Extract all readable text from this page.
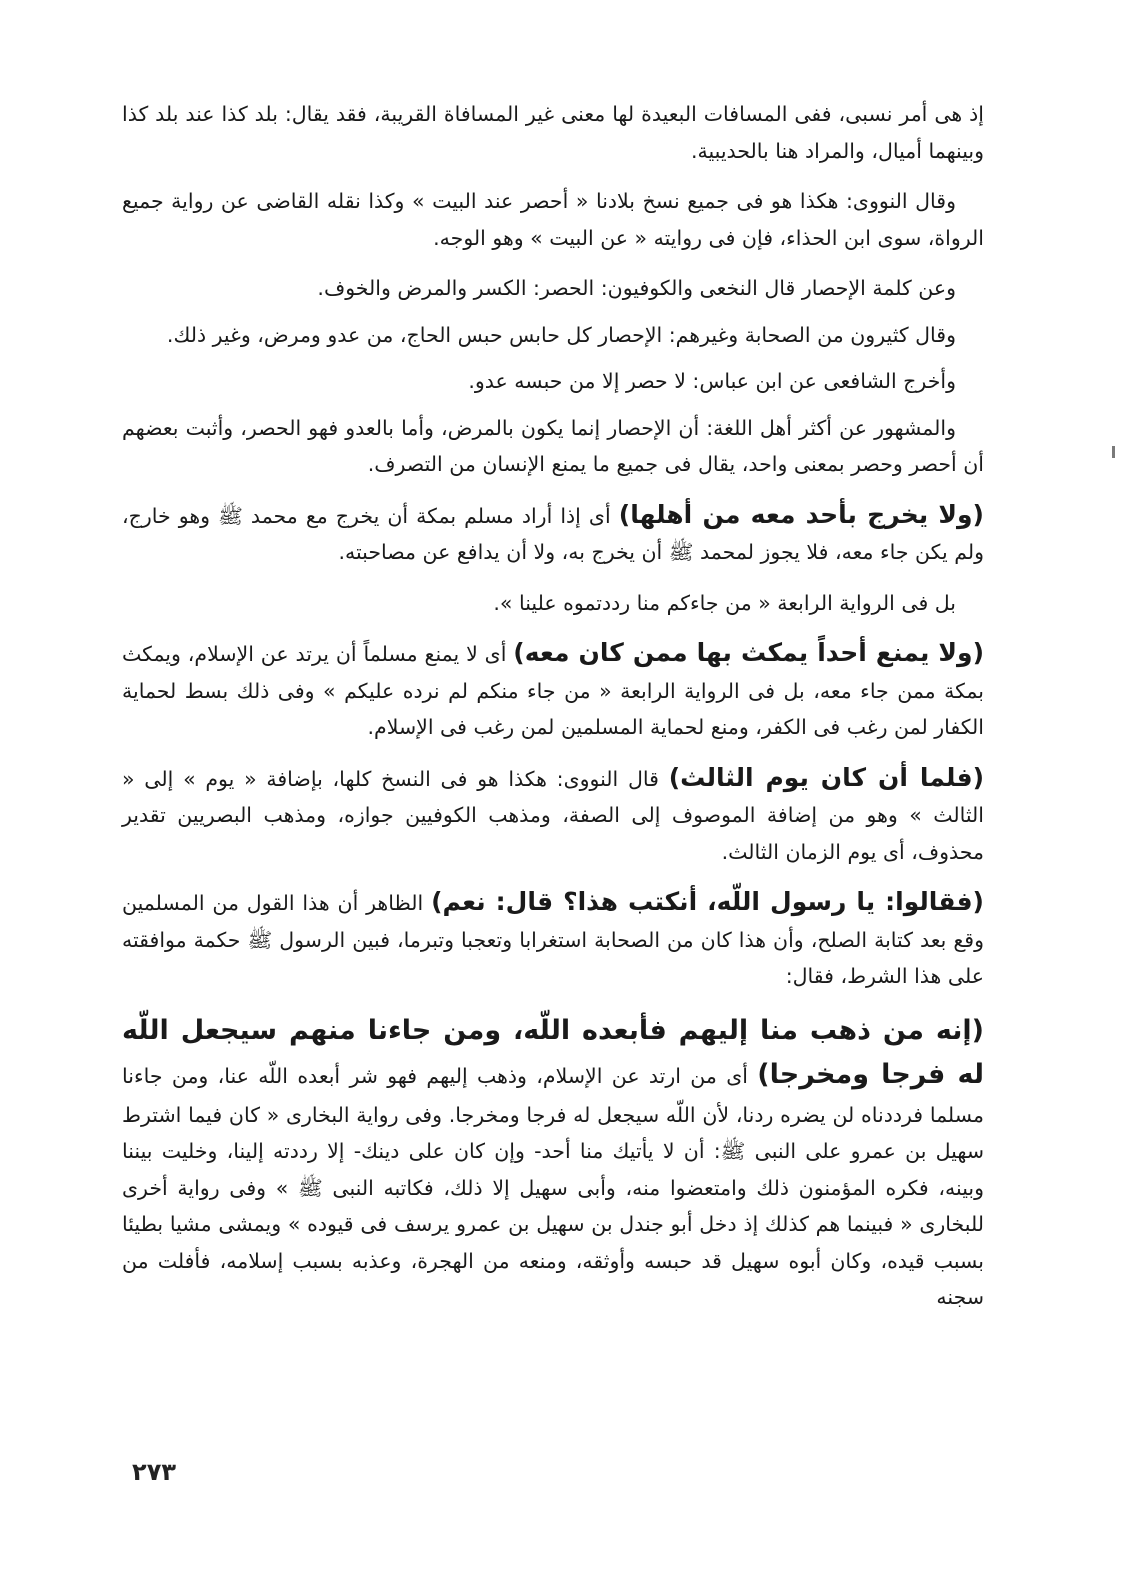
إذ هى أمر نسبى، ففى المسافات البعيدة لها معنى غير المسافاة القريبة، فقد يقال: بلد كذا عند بلد كذا وبينهما أميال، والمراد هنا بالحديبية.

وقال النووى: هكذا هو فى جميع نسخ بلادنا « أحصر عند البيت » وكذا نقله القاضى عن رواية جميع الرواة، سوى ابن الحذاء، فإن فى روايته « عن البيت » وهو الوجه.

وعن كلمة الإحصار قال النخعى والكوفيون: الحصر: الكسر والمرض والخوف.

وقال كثيرون من الصحابة وغيرهم: الإحصار كل حابس حبس الحاج، من عدو ومرض، وغير ذلك.

وأخرج الشافعى عن ابن عباس: لا حصر إلا من حبسه عدو.

والمشهور عن أكثر أهل اللغة: أن الإحصار إنما يكون بالمرض، وأما بالعدو فهو الحصر، وأثبت بعضهم أن أحصر وحصر بمعنى واحد، يقال فى جميع ما يمنع الإنسان من التصرف.

(ولا يخرج بأحد معه من أهلها) أى إذا أراد مسلم بمكة أن يخرج مع محمد ﷺ وهو خارج، ولم يكن جاء معه، فلا يجوز لمحمد ﷺ أن يخرج به، ولا أن يدافع عن مصاحبته.

بل فى الرواية الرابعة « من جاءكم منا رددتموه علينا ».

(ولا يمنع أحداً يمكث بها ممن كان معه) أى لا يمنع مسلماً أن يرتد عن الإسلام، ويمكث بمكة ممن جاء معه، بل فى الرواية الرابعة « من جاء منكم لم نرده عليكم » وفى ذلك بسط لحماية الكفار لمن رغب فى الكفر، ومنع لحماية المسلمين لمن رغب فى الإسلام.

(فلما أن كان يوم الثالث) قال النووى: هكذا هو فى النسخ كلها، بإضافة « يوم » إلى « الثالث » وهو من إضافة الموصوف إلى الصفة، ومذهب الكوفيين جوازه، ومذهب البصريين تقدير محذوف، أى يوم الزمان الثالث.

(فقالوا: يا رسول اللّه، أنكتب هذا؟ قال: نعم) الظاهر أن هذا القول من المسلمين وقع بعد كتابة الصلح، وأن هذا كان من الصحابة استغرابا وتعجبا وتبرما، فبين الرسول ﷺ حكمة موافقته على هذا الشرط، فقال:

(إنه من ذهب منا إليهم فأبعده اللّه، ومن جاءنا منهم سيجعل اللّه له فرجا ومخرجا) أى من ارتد عن الإسلام، وذهب إليهم فهو شر أبعده اللّه عنا، ومن جاءنا مسلما فرددناه لن يضره ردنا، لأن اللّه سيجعل له فرجا ومخرجا. وفى رواية البخارى « كان فيما اشترط سهيل بن عمرو على النبى ﷺ: أن لا يأتيك منا أحد- وإن كان على دينك- إلا رددته إلينا، وخليت بيننا وبينه، فكره المؤمنون ذلك وامتعضوا منه، وأبى سهيل إلا ذلك، فكاتبه النبى ﷺ » وفى رواية أخرى للبخارى « فبينما هم كذلك إذ دخل أبو جندل بن سهيل بن عمرو يرسف فى قيوده » ويمشى مشيا بطيئا بسبب قيده، وكان أبوه سهيل قد حبسه وأوثقه، ومنعه من الهجرة، وعذبه بسبب إسلامه، فأفلت من سجنه

٢٧٣
